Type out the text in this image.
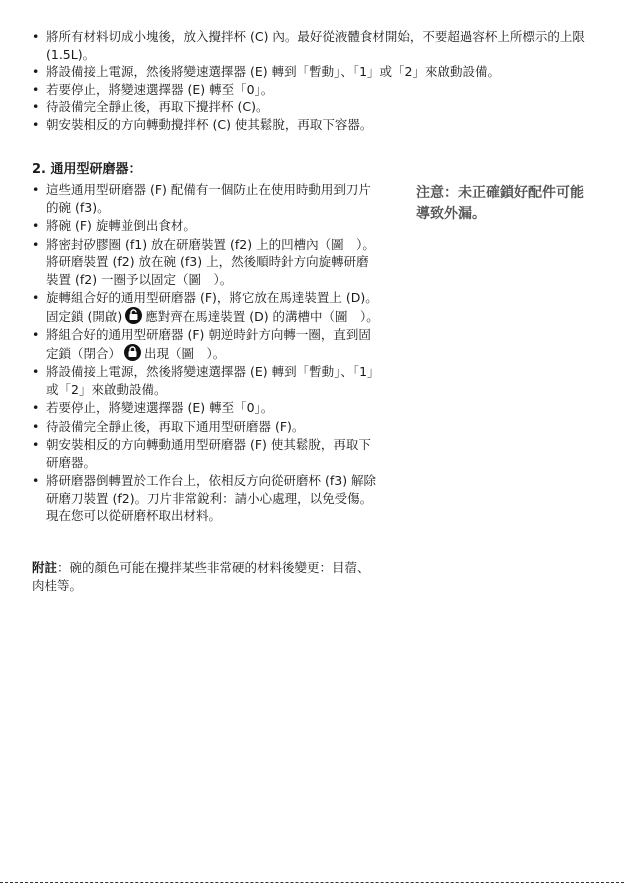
• 將所有材料切成小塊後，放入攪拌杯 (C) 內。最好從液體食材開始，不要超過容杯上所標示的上限 (1.5L)。
• 將設備接上電源，然後將變速選擇器 (E) 轉到「暫動」、「1」或「2」來啟動設備。
• 若要停止，將變速選擇器 (E) 轉至「0」。
• 待設備完全靜止後，再取下攪拌杯 (C)。
• 朝安裝相反的方向轉動攪拌杯 (C) 使其鬆脫，再取下容器。
2. 通用型研磨器：
• 這些通用型研磨器 (F) 配備有一個防止在使用時動用到刀片的碗 (f3)。
• 將碗 (F) 旋轉並倒出食材。
• 將密封矽膠圈 (f1) 放在研磨裝置 (f2) 上的凹槽內（圖　）。將研磨裝置 (f2) 放在碗 (f3) 上，然後順時針方向旋轉研磨裝置 (f2) 一圈予以固定（圖　）。
• 旋轉組合好的通用型研磨器 (F)，將它放在馬達裝置上 (D)。固定鎖 (開啟) 應對齊在馬達裝置 (D) 的溝槽中（圖　）。
• 將組合好的通用型研磨器 (F) 朝逆時針方向轉一圈，直到固定鎖（閉合） 出現（圖　）。
• 將設備接上電源，然後將變速選擇器 (E) 轉到「暫動」、「1」或「2」來啟動設備。
• 若要停止，將變速選擇器 (E) 轉至「0」。
• 待設備完全靜止後，再取下通用型研磨器 (F)。
• 朝安裝相反的方向轉動通用型研磨器 (F) 使其鬆脫，再取下研磨器。
• 將研磨器倒轉置於工作台上，依相反方向從研磨杯 (f3) 解除研磨刀裝置 (f2)。刀片非常銳利：請小心處理，以免受傷。現在您可以從研磨杯取出材料。
附註：碗的顏色可能在攪拌某些非常硬的材料後變更：目蓿、肉桂等。
注意：未正確鎖好配件可能導致外漏。
